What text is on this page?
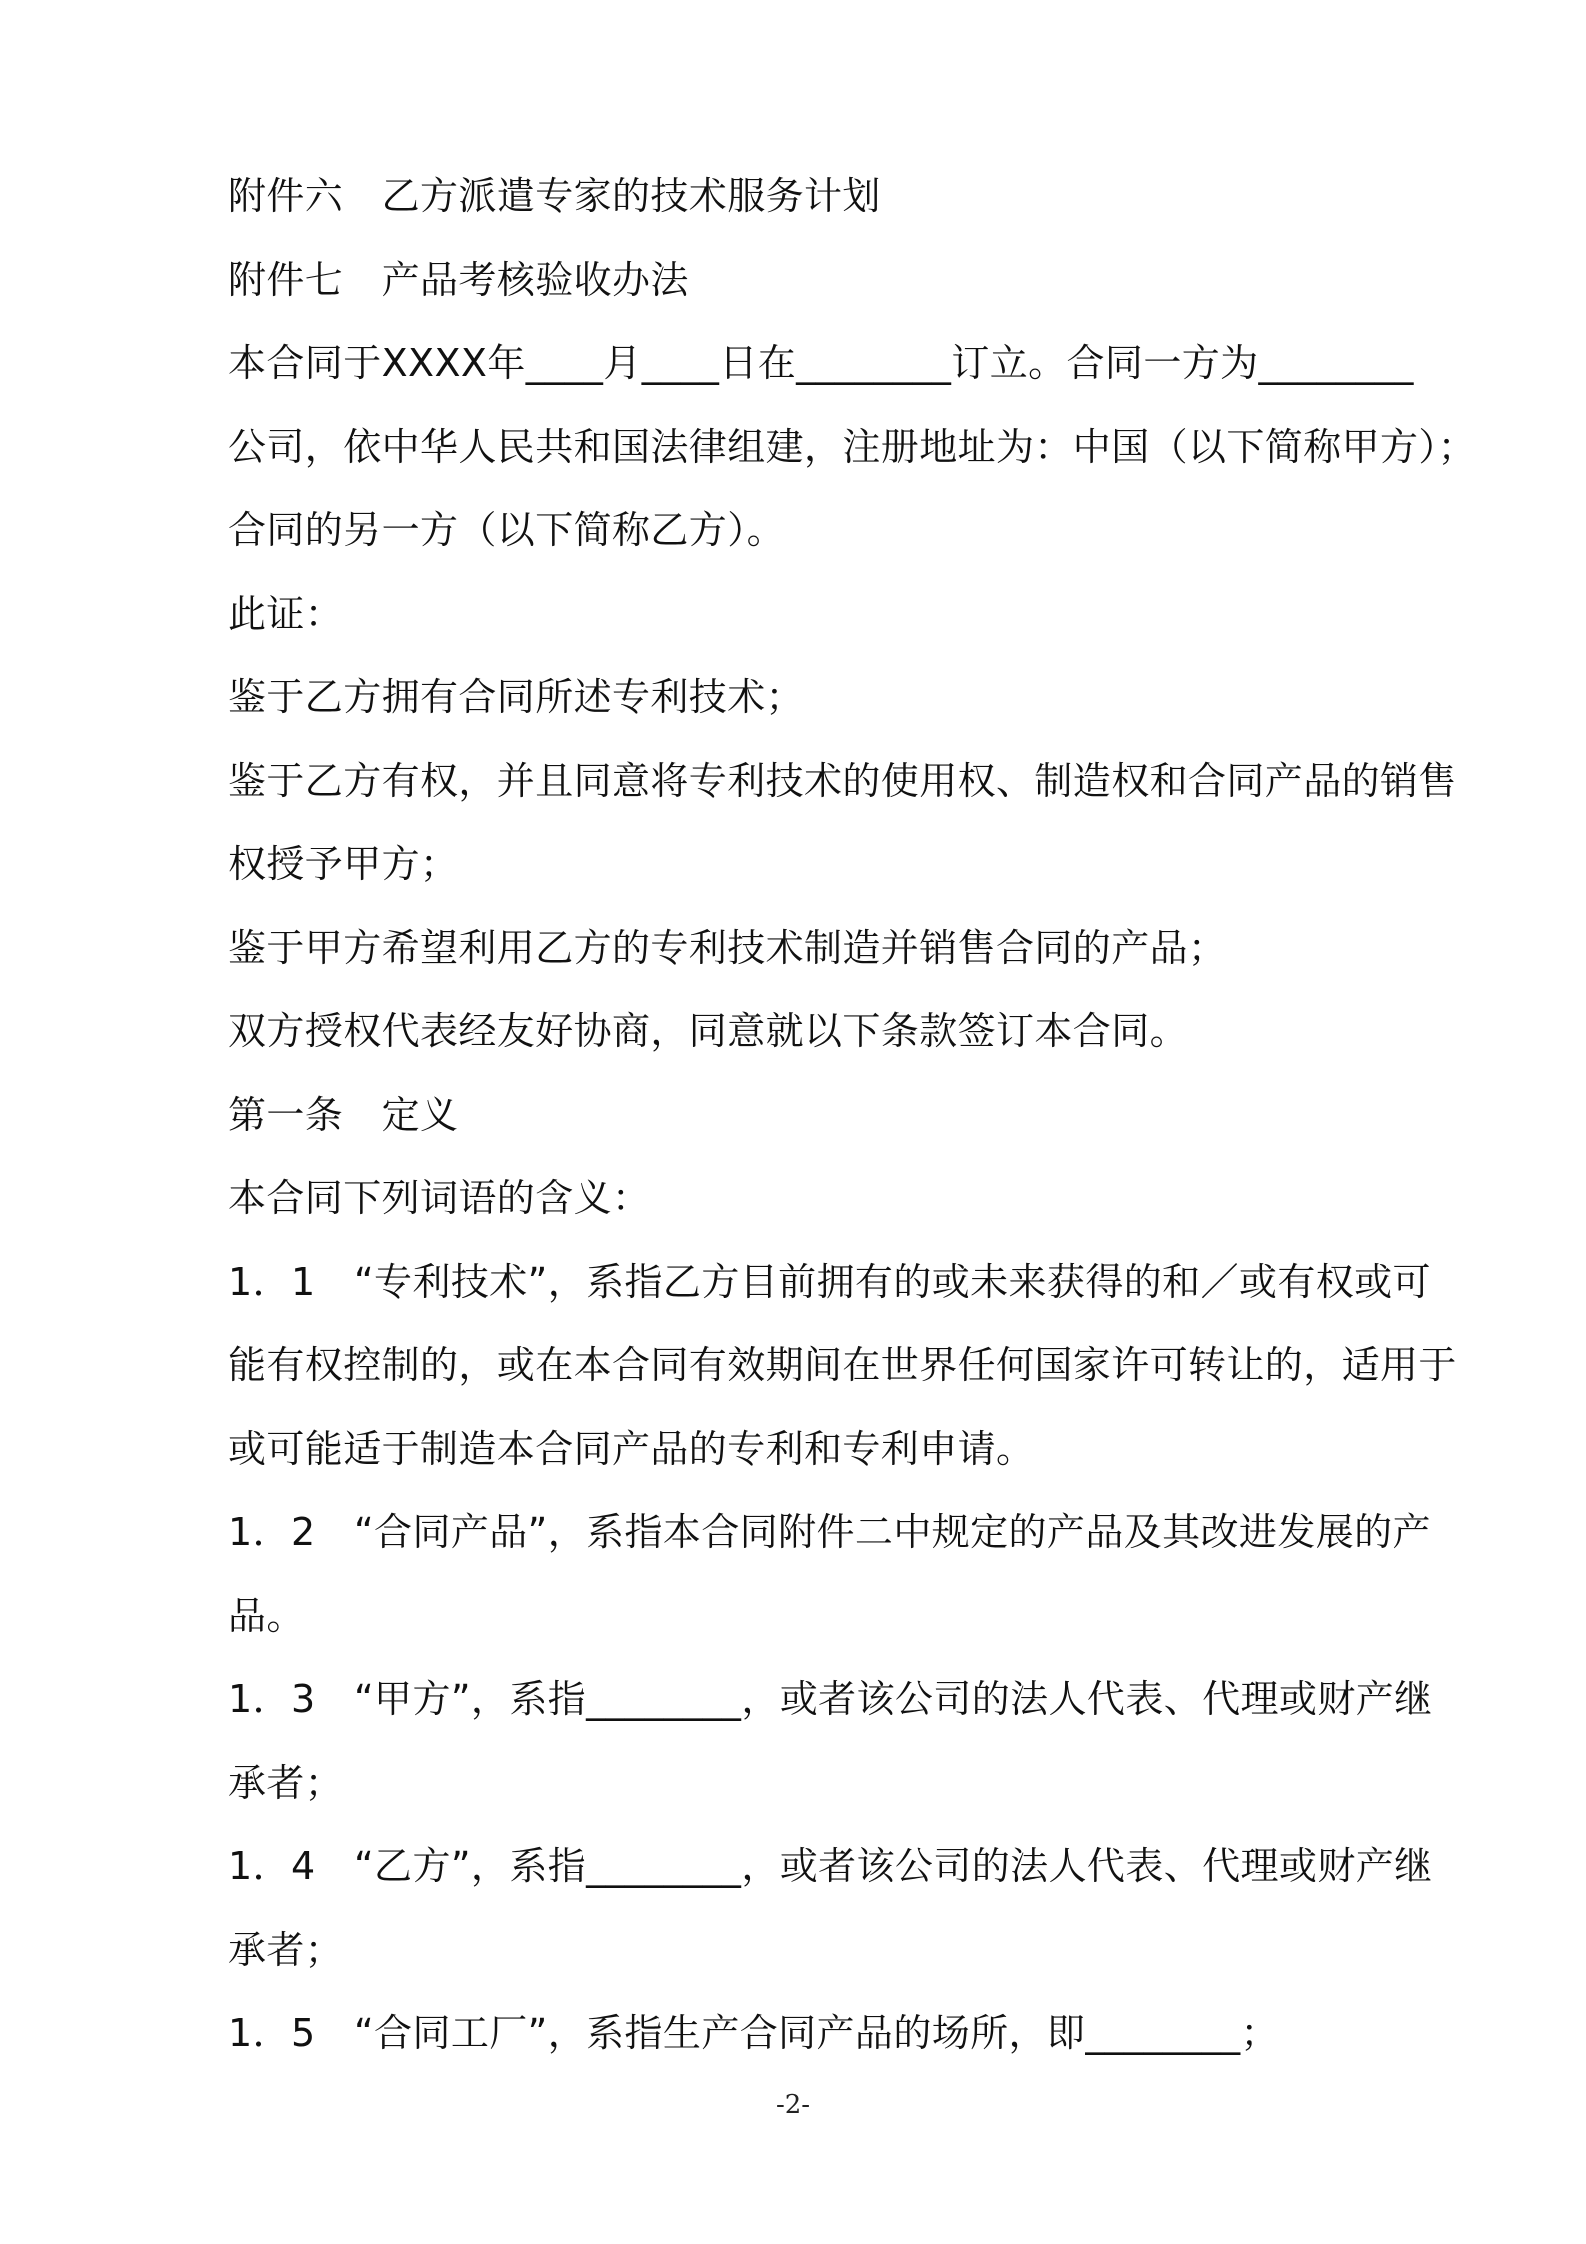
附件六　乙方派遣专家的技术服务计划
附件七　产品考核验收办法
本合同于XXXX年____月____日在________订立。合同一方为________
公司，依中华人民共和国法律组建，注册地址为：中国（以下简称甲方）；
合同的另一方（以下简称乙方）。
此证：
鉴于乙方拥有合同所述专利技术；
鉴于乙方有权，并且同意将专利技术的使用权、制造权和合同产品的销售
权授予甲方；
鉴于甲方希望利用乙方的专利技术制造并销售合同的产品；
双方授权代表经友好协商，同意就以下条款签订本合同。
第一条　定义
本合同下列词语的含义：
1．1　“专利技术”，系指乙方目前拥有的或未来获得的和／或有权或可
能有权控制的，或在本合同有效期间在世界任何国家许可转让的，适用于
或可能适于制造本合同产品的专利和专利申请。
1．2　“合同产品”，系指本合同附件二中规定的产品及其改进发展的产
品。
1．3　“甲方”，系指________，或者该公司的法人代表、代理或财产继
承者；
1．4　“乙方”，系指________，或者该公司的法人代表、代理或财产继
承者；
1．5　“合同工厂”，系指生产合同产品的场所，即________；
-2-
